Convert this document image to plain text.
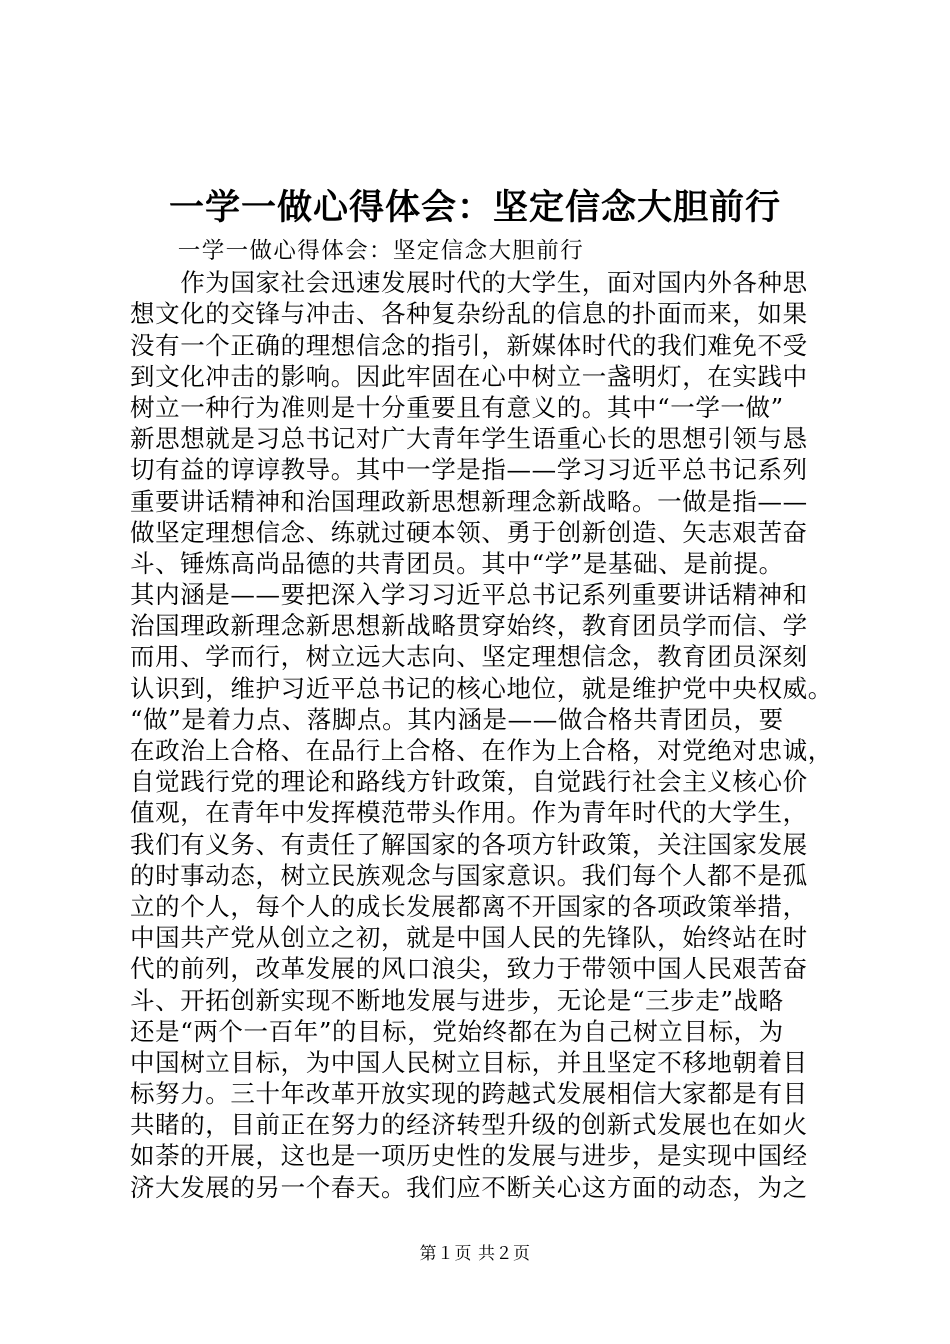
一学一做心得体会：坚定信念大胆前行
　　一学一做心得体会：坚定信念大胆前行
　　作为国家社会迅速发展时代的大学生，面对国内外各种思
想文化的交锋与冲击、各种复杂纷乱的信息的扑面而来，如果
没有一个正确的理想信念的指引，新媒体时代的我们难免不受
到文化冲击的影响。因此牢固在心中树立一盏明灯，在实践中
树立一种行为准则是十分重要且有意义的。其中“一学一做”
新思想就是习总书记对广大青年学生语重心长的思想引领与恳
切有益的谆谆教导。其中一学是指——学习习近平总书记系列
重要讲话精神和治国理政新思想新理念新战略。一做是指——
做坚定理想信念、练就过硬本领、勇于创新创造、矢志艰苦奋
斗、锤炼高尚品德的共青团员。其中“学”是基础、是前提。
其内涵是——要把深入学习习近平总书记系列重要讲话精神和
治国理政新理念新思想新战略贯穿始终，教育团员学而信、学
而用、学而行，树立远大志向、坚定理想信念，教育团员深刻
认识到，维护习近平总书记的核心地位，就是维护党中央权威。
“做”是着力点、落脚点。其内涵是——做合格共青团员，要
在政治上合格、在品行上合格、在作为上合格，对党绝对忠诚，
自觉践行党的理论和路线方针政策，自觉践行社会主义核心价
值观，在青年中发挥模范带头作用。作为青年时代的大学生，
我们有义务、有责任了解国家的各项方针政策，关注国家发展
的时事动态，树立民族观念与国家意识。我们每个人都不是孤
立的个人，每个人的成长发展都离不开国家的各项政策举措，
中国共产党从创立之初，就是中国人民的先锋队，始终站在时
代的前列，改革发展的风口浪尖，致力于带领中国人民艰苦奋
斗、开拓创新实现不断地发展与进步，无论是“三步走”战略
还是“两个一百年”的目标，党始终都在为自己树立目标，为
中国树立目标，为中国人民树立目标，并且坚定不移地朝着目
标努力。三十年改革开放实现的跨越式发展相信大家都是有目
共睹的，目前正在努力的经济转型升级的创新式发展也在如火
如荼的开展，这也是一项历史性的发展与进步，是实现中国经
济大发展的另一个春天。我们应不断关心这方面的动态，为之
第１页 共２页
